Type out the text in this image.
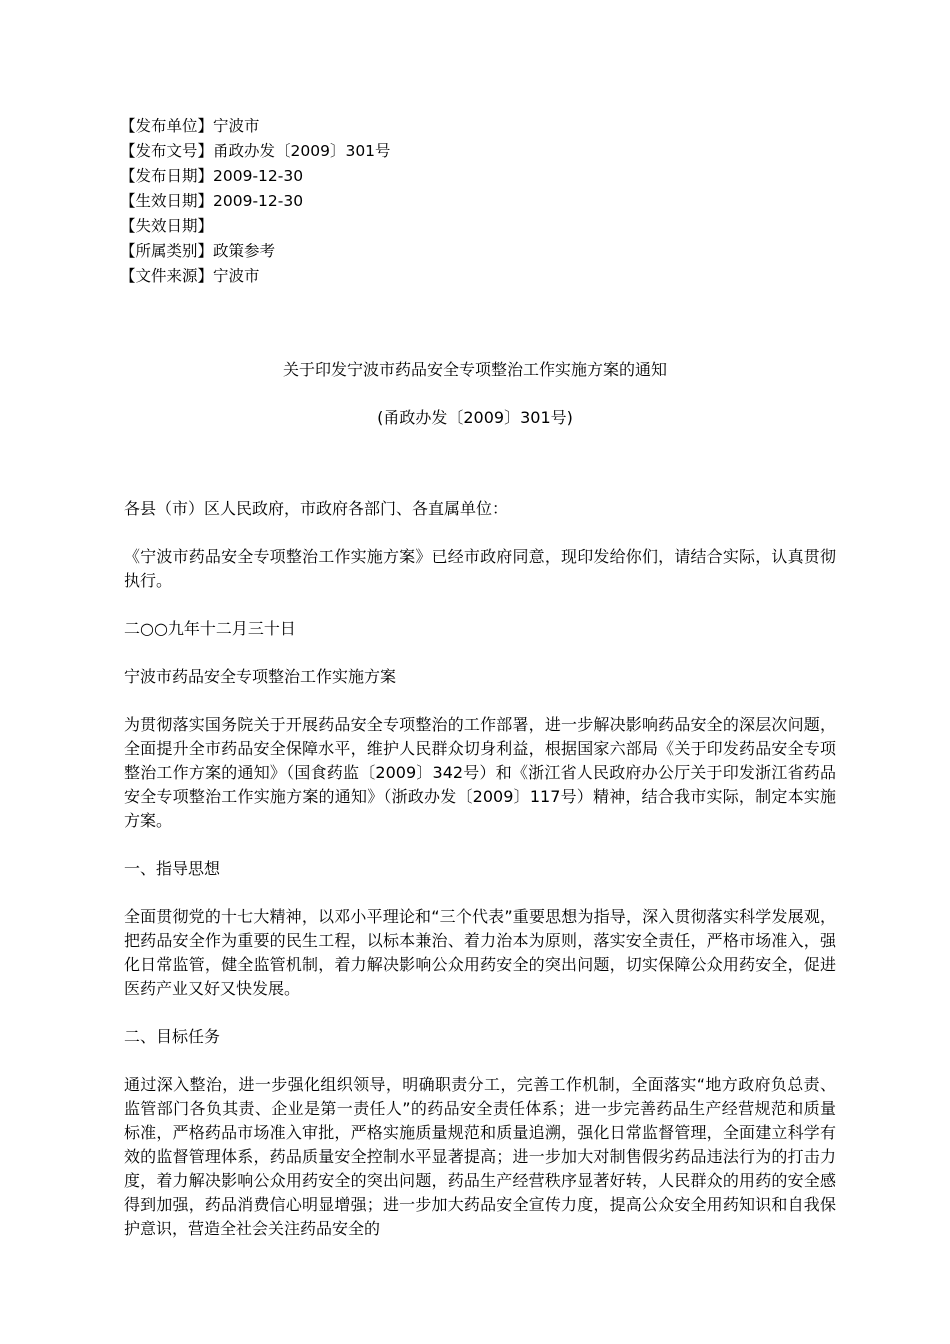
【发布单位】宁波市
【发布文号】甬政办发〔2009〕301号
【发布日期】2009-12-30
【生效日期】2009-12-30
【失效日期】
【所属类别】政策参考
【文件来源】宁波市
关于印发宁波市药品安全专项整治工作实施方案的通知
(甬政办发〔2009〕301号)

各县（市）区人民政府，市政府各部门、各直属单位：

《宁波市药品安全专项整治工作实施方案》已经市政府同意，现印发给你们，请结合实际，认真贯彻执行。

二○○九年十二月三十日

宁波市药品安全专项整治工作实施方案

为贯彻落实国务院关于开展药品安全专项整治的工作部署，进一步解决影响药品安全的深层次问题，全面提升全市药品安全保障水平，维护人民群众切身利益，根据国家六部局《关于印发药品安全专项整治工作方案的通知》（国食药监〔2009〕342号）和《浙江省人民政府办公厅关于印发浙江省药品安全专项整治工作实施方案的通知》（浙政办发〔2009〕117号）精神，结合我市实际，制定本实施方案。

一、指导思想

全面贯彻党的十七大精神，以邓小平理论和“三个代表”重要思想为指导，深入贯彻落实科学发展观，把药品安全作为重要的民生工程，以标本兼治、着力治本为原则，落实安全责任，严格市场准入，强化日常监管，健全监管机制，着力解决影响公众用药安全的突出问题，切实保障公众用药安全，促进医药产业又好又快发展。

二、目标任务

通过深入整治，进一步强化组织领导，明确职责分工，完善工作机制，全面落实“地方政府负总责、监管部门各负其责、企业是第一责任人”的药品安全责任体系；进一步完善药品生产经营规范和质量标准，严格药品市场准入审批，严格实施质量规范和质量追溯，强化日常监督管理，全面建立科学有效的监督管理体系，药品质量安全控制水平显著提高；进一步加大对制售假劣药品违法行为的打击力度，着力解决影响公众用药安全的突出问题，药品生产经营秩序显著好转，人民群众的用药的安全感得到加强，药品消费信心明显增强；进一步加大药品安全宣传力度，提高公众安全用药知识和自我保护意识，营造全社会关注药品安全的
